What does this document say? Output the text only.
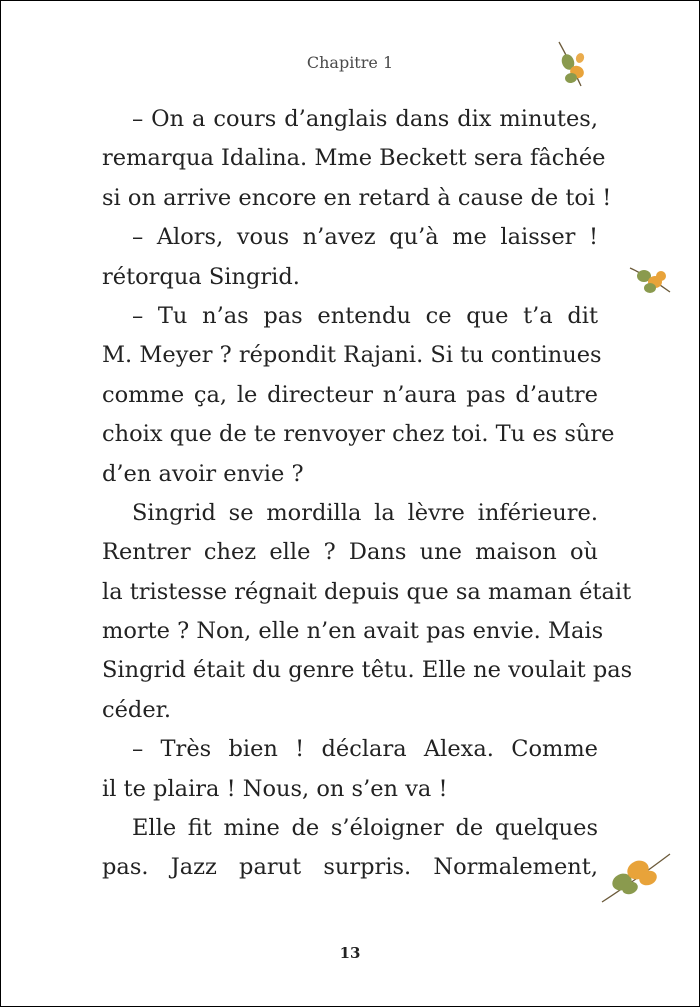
Chapitre 1
– On a cours d’anglais dans dix minutes,
remarqua Idalina. Mme Beckett sera fâchée
si on arrive encore en retard à cause de toi !
– Alors, vous n’avez qu’à me laisser !
rétorqua Singrid.
– Tu n’as pas entendu ce que t’a dit
M. Meyer ? répondit Rajani. Si tu continues
comme ça, le directeur n’aura pas d’autre
choix que de te renvoyer chez toi. Tu es sûre
d’en avoir envie ?
Singrid se mordilla la lèvre inférieure.
Rentrer chez elle ? Dans une maison où
la tristesse régnait depuis que sa maman était
morte ? Non, elle n’en avait pas envie. Mais
Singrid était du genre têtu. Elle ne voulait pas
céder.
– Très bien ! déclara Alexa. Comme
il te plaira ! Nous, on s’en va !
Elle fit mine de s’éloigner de quelques
pas. Jazz parut surpris. Normalement,
13
